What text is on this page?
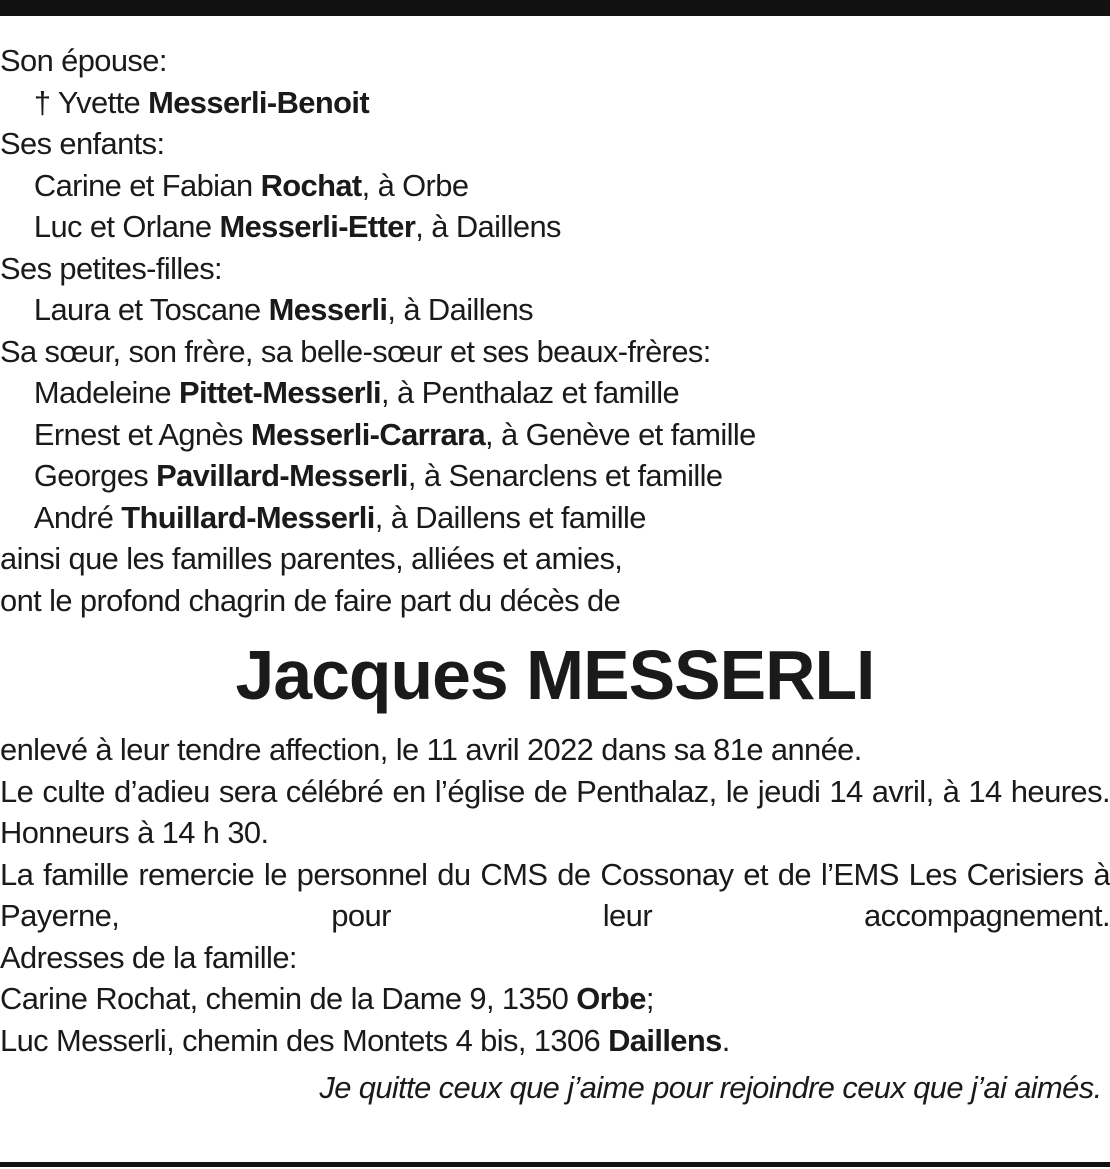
Son épouse:
† Yvette Messerli-Benoit
Ses enfants:
Carine et Fabian Rochat, à Orbe
Luc et Orlane Messerli-Etter, à Daillens
Ses petites-filles:
Laura et Toscane Messerli, à Daillens
Sa sœur, son frère, sa belle-sœur et ses beaux-frères:
Madeleine Pittet-Messerli, à Penthalaz et famille
Ernest et Agnès Messerli-Carrara, à Genève et famille
Georges Pavillard-Messerli, à Senarclens et famille
André Thuillard-Messerli, à Daillens et famille
ainsi que les familles parentes, alliées et amies,
ont le profond chagrin de faire part du décès de
Jacques MESSERLI
enlevé à leur tendre affection, le 11 avril 2022 dans sa 81e année.
Le culte d’adieu sera célébré en l’église de Penthalaz, le jeudi 14 avril, à 14 heures.
Honneurs à 14 h 30.
La famille remercie le personnel du CMS de Cossonay et de l’EMS Les Cerisiers à Payerne, pour leur accompagnement.
Adresses de la famille:
Carine Rochat, chemin de la Dame 9, 1350 Orbe;
Luc Messerli, chemin des Montets 4 bis, 1306 Daillens.
Je quitte ceux que j’aime pour rejoindre ceux que j’ai aimés.
